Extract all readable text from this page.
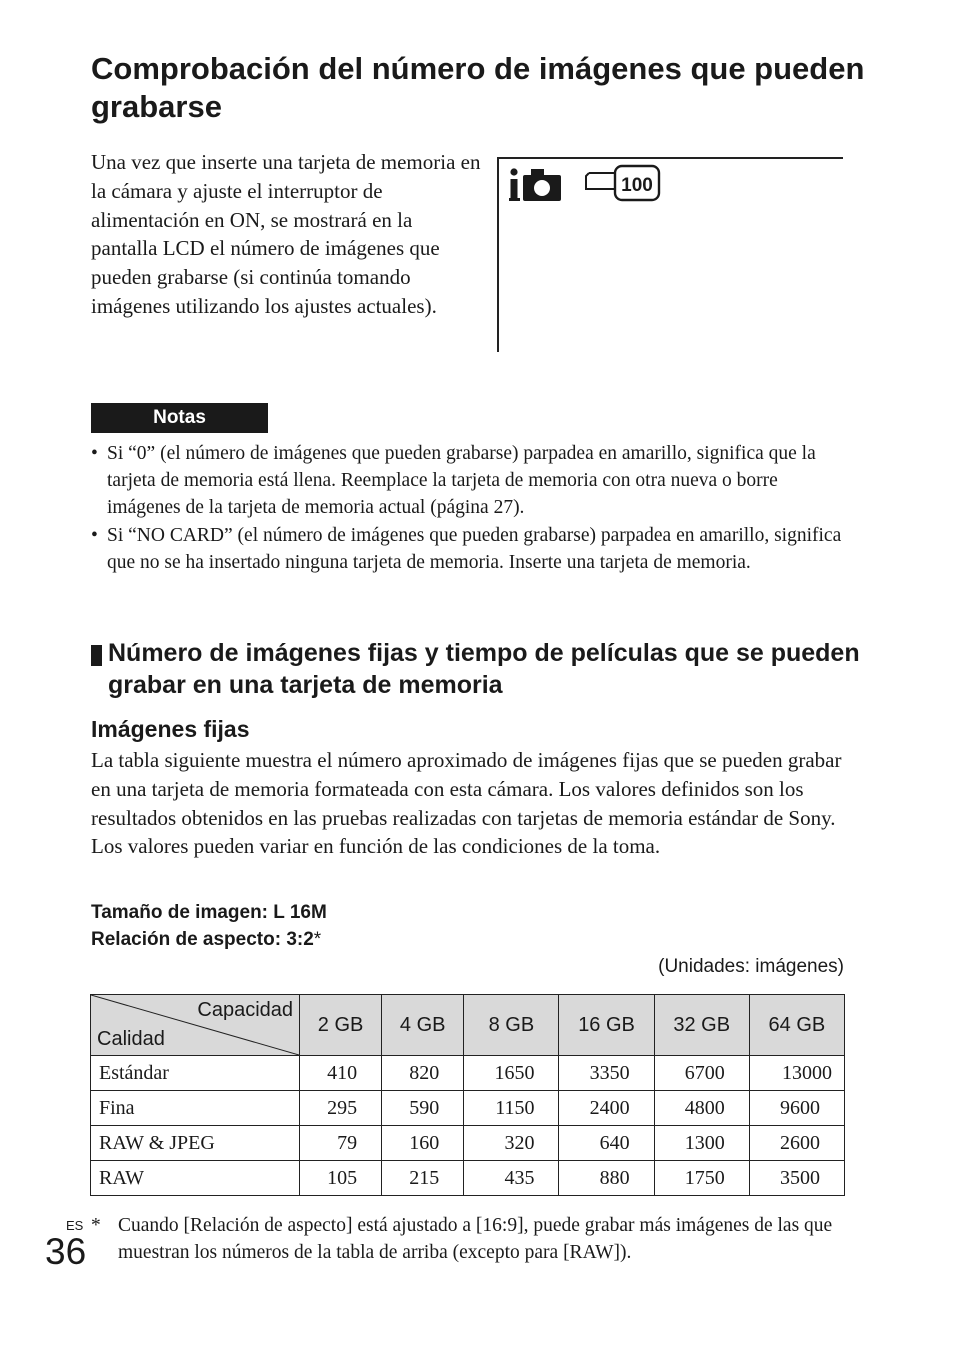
Comprobación del número de imágenes que pueden grabarse

Una vez que inserte una tarjeta de memoria en la cámara y ajuste el interruptor de alimentación en ON, se mostrará en la pantalla LCD el número de imágenes que pueden grabarse (si continúa tomando imágenes utilizando los ajustes actuales).

100
Notas
• Si “0” (el número de imágenes que pueden grabarse) parpadea en amarillo, significa que la tarjeta de memoria está llena. Reemplace la tarjeta de memoria con otra nueva o borre imágenes de la tarjeta de memoria actual (página 27).
• Si “NO CARD” (el número de imágenes que pueden grabarse) parpadea en amarillo, significa que no se ha insertado ninguna tarjeta de memoria. Inserte una tarjeta de memoria.
Número de imágenes fijas y tiempo de películas que se pueden grabar en una tarjeta de memoria
Imágenes fijas

La tabla siguiente muestra el número aproximado de imágenes fijas que se pueden grabar en una tarjeta de memoria formateada con esta cámara. Los valores definidos son los resultados obtenidos en las pruebas realizadas con tarjetas de memoria estándar de Sony. Los valores pueden variar en función de las condiciones de la toma.

Tamaño de imagen: L 16M
Relación de aspecto: 3:2*
(Unidades: imágenes)
Capacidad
Calidad	2 GB	4 GB	8 GB	16 GB	32 GB	64 GB
Estándar	410	820	1650	3350	6700	13000
Fina	295	590	1150	2400	4800	9600
RAW & JPEG	79	160	320	640	1300	2600
RAW	105	215	435	880	1750	3500
* Cuando [Relación de aspecto] está ajustado a [16:9], puede grabar más imágenes de las que muestran los números de la tabla de arriba (excepto para [RAW]).

ES
36
